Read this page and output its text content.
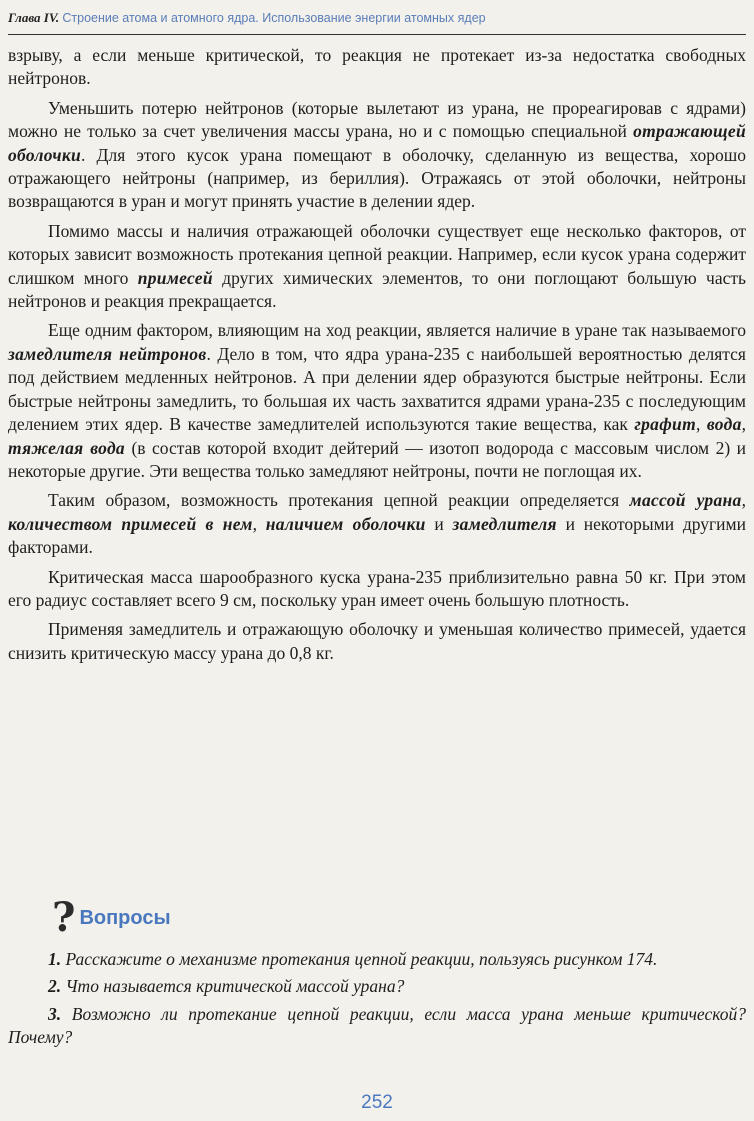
Глава IV. Строение атома и атомного ядра. Использование энергии атомных ядер

взрыву, а если меньше критической, то реакция не протекает из-за недостатка свободных нейтронов.

Уменьшить потерю нейтронов (которые вылетают из урана, не прореагировав с ядрами) можно не только за счет увеличения массы урана, но и с помощью специальной отражающей оболочки. Для этого кусок урана помещают в оболочку, сделанную из вещества, хорошо отражающего нейтроны (например, из бериллия). Отражаясь от этой оболочки, нейтроны возвращаются в уран и могут принять участие в делении ядер.

Помимо массы и наличия отражающей оболочки существует еще несколько факторов, от которых зависит возможность протекания цепной реакции. Например, если кусок урана содержит слишком много примесей других химических элементов, то они поглощают большую часть нейтронов и реакция прекращается.

Еще одним фактором, влияющим на ход реакции, является наличие в уране так называемого замедлителя нейтронов. Дело в том, что ядра урана-235 с наибольшей вероятностью делятся под действием медленных нейтронов. А при делении ядер образуются быстрые нейтроны. Если быстрые нейтроны замедлить, то большая их часть захватится ядрами урана-235 с последующим делением этих ядер. В качестве замедлителей используются такие вещества, как графит, вода, тяжелая вода (в состав которой входит дейтерий — изотоп водорода с массовым числом 2) и некоторые другие. Эти вещества только замедляют нейтроны, почти не поглощая их.

Таким образом, возможность протекания цепной реакции определяется массой урана, количеством примесей в нем, наличием оболочки и замедлителя и некоторыми другими факторами.

Критическая масса шарообразного куска урана-235 приблизительно равна 50 кг. При этом его радиус составляет всего 9 см, поскольку уран имеет очень большую плотность.

Применяя замедлитель и отражающую оболочку и уменьшая количество примесей, удается снизить критическую массу урана до 0,8 кг.

? Вопросы

1. Расскажите о механизме протекания цепной реакции, пользуясь рисунком 174.

2. Что называется критической массой урана?

3. Возможно ли протекание цепной реакции, если масса урана меньше критической? Почему?

252
